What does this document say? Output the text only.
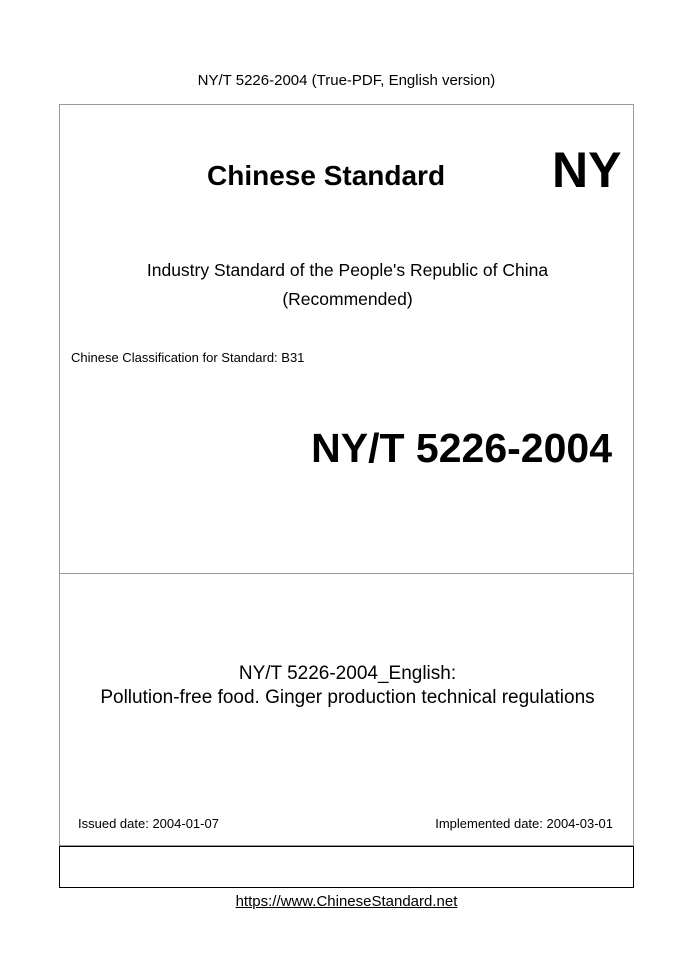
NY/T 5226-2004 (True-PDF, English version)
Chinese Standard NY
Industry Standard of the People's Republic of China
(Recommended)
Chinese Classification for Standard: B31
NY/T 5226-2004
NY/T 5226-2004_English:
Pollution-free food. Ginger production technical regulations
Issued date: 2004-01-07	Implemented date: 2004-03-01
https://www.ChineseStandard.net
